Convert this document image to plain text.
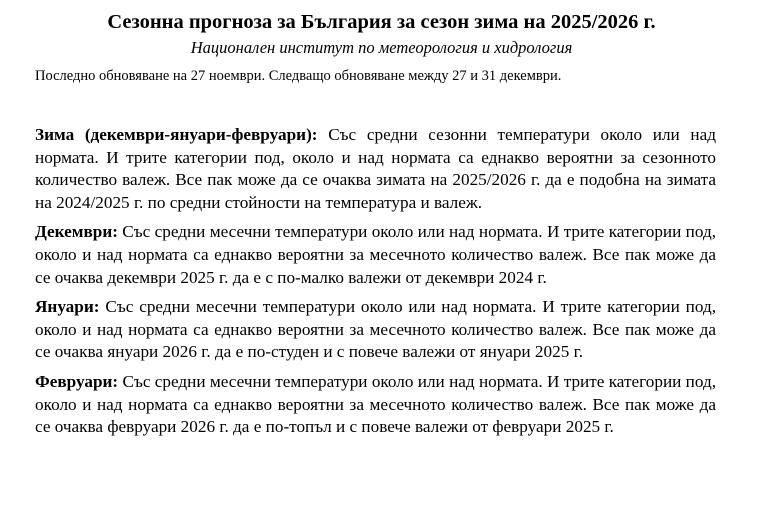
Сезонна прогноза за България за сезон зима на 2025/2026 г.
Национален институт по метеорология и хидрология
Последно обновяване на 27 ноември. Следващо обновяване между 27 и 31 декември.

Зима (декември-януари-февруари): Със средни сезонни температури около или над нормата. И трите категории под, около и над нормата са еднакво вероятни за сезонното количество валеж. Все пак може да се очаква зимата на 2025/2026 г. да е подобна на зимата на 2024/2025 г. по средни стойности на температура и валеж.

Декември: Със средни месечни температури около или над нормата. И трите категории под, около и над нормата са еднакво вероятни за месечното количество валеж. Все пак може да се очаква декември 2025 г. да е с по-малко валежи от декември 2024 г.

Януари: Със средни месечни температури около или над нормата. И трите категории под, около и над нормата са еднакво вероятни за месечното количество валеж. Все пак може да се очаква януари 2026 г. да е по-студен и с повече валежи от януари 2025 г.

Февруари: Със средни месечни температури около или над нормата. И трите категории под, около и над нормата са еднакво вероятни за месечното количество валеж. Все пак може да се очаква февруари 2026 г. да е по-топъл и с повече валежи от февруари 2025 г.
